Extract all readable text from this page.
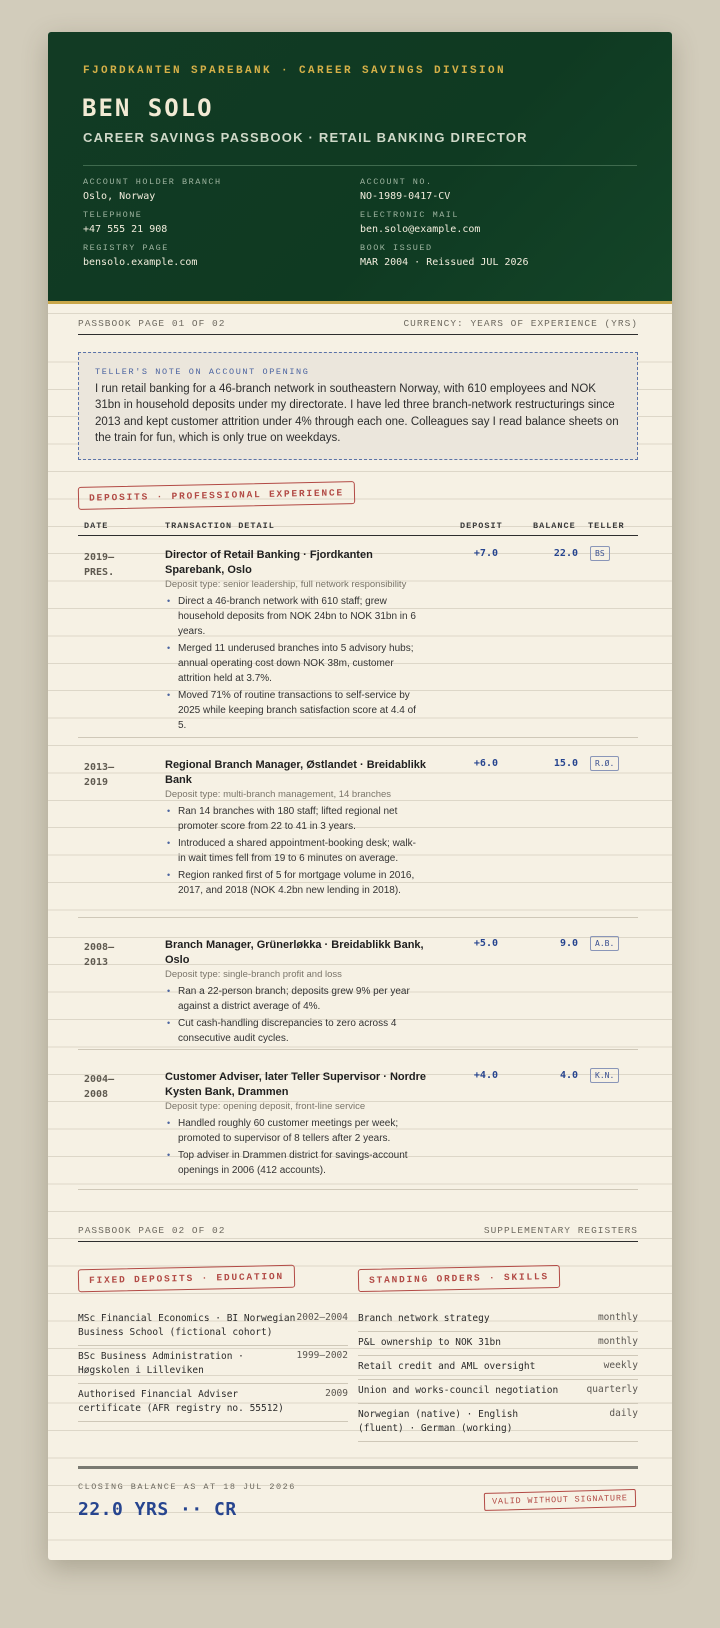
FJORDKANTEN SPAREBANK · CAREER SAVINGS DIVISION
BEN SOLO
CAREER SAVINGS PASSBOOK · RETAIL BANKING DIRECTOR
ACCOUNT HOLDER BRANCH
Oslo, Norway
ACCOUNT NO.
NO-1989-0417-CV
TELEPHONE
+47 555 21 908
ELECTRONIC MAIL
ben.solo@example.com
REGISTRY PAGE
bensolo.example.com
BOOK ISSUED
MAR 2004 · Reissued JUL 2026
PASSBOOK PAGE 01 OF 02	CURRENCY: YEARS OF EXPERIENCE (YRS)
TELLER'S NOTE ON ACCOUNT OPENING
I run retail banking for a 46-branch network in southeastern Norway, with 610 employees and NOK 31bn in household deposits under my directorate. I have led three branch-network restructurings since 2013 and kept customer attrition under 4% through each one. Colleagues say I read balance sheets on the train for fun, which is only true on weekdays.
DEPOSITS · PROFESSIONAL EXPERIENCE
DATE	TRANSACTION DETAIL	DEPOSIT	BALANCE TELLER
2019–
PRES.
Director of Retail Banking · Fjordkanten Sparebank, Oslo
Deposit type: senior leadership, full network responsibility
• Direct a 46-branch network with 610 staff; grew household deposits from NOK 24bn to NOK 31bn in 6 years.
• Merged 11 underused branches into 5 advisory hubs; annual operating cost down NOK 38m, customer attrition held at 3.7%.
• Moved 71% of routine transactions to self-service by 2025 while keeping branch satisfaction score at 4.4 of 5.
+7.0	22.0	BS
2013–
2019
Regional Branch Manager, Østlandet · Breidablikk Bank
Deposit type: multi-branch management, 14 branches
• Ran 14 branches with 180 staff; lifted regional net promoter score from 22 to 41 in 3 years.
• Introduced a shared appointment-booking desk; walk-in wait times fell from 19 to 6 minutes on average.
• Region ranked first of 5 for mortgage volume in 2016, 2017, and 2018 (NOK 4.2bn new lending in 2018).
+6.0	15.0	R.Ø.
2008–
2013
Branch Manager, Grünerløkka · Breidablikk Bank, Oslo
Deposit type: single-branch profit and loss
• Ran a 22-person branch; deposits grew 9% per year against a district average of 4%.
• Cut cash-handling discrepancies to zero across 4 consecutive audit cycles.
+5.0	9.0	A.B.
2004–
2008
Customer Adviser, later Teller Supervisor · Nordre Kysten Bank, Drammen
Deposit type: opening deposit, front-line service
• Handled roughly 60 customer meetings per week; promoted to supervisor of 8 tellers after 2 years.
• Top adviser in Drammen district for savings-account openings in 2006 (412 accounts).
+4.0	4.0	K.N.
PASSBOOK PAGE 02 OF 02	SUPPLEMENTARY REGISTERS
FIXED DEPOSITS · EDUCATION	STANDING ORDERS · SKILLS
MSc Financial Economics · BI Norwegian Business School (fictional cohort)
2002–2004
BSc Business Administration · Høgskolen i Lilleviken
1999–2002
Authorised Financial Adviser certificate (AFR registry no. 55512)
2009
Branch network strategy	monthly
P&L ownership to NOK 31bn	monthly
Retail credit and AML oversight	weekly
Union and works-council negotiation	quarterly
Norwegian (native) · English (fluent) · German (working)
daily
CLOSING BALANCE AS AT 18 JUL 2026
22.0 YRS ·· CR	VALID WITHOUT SIGNATURE
